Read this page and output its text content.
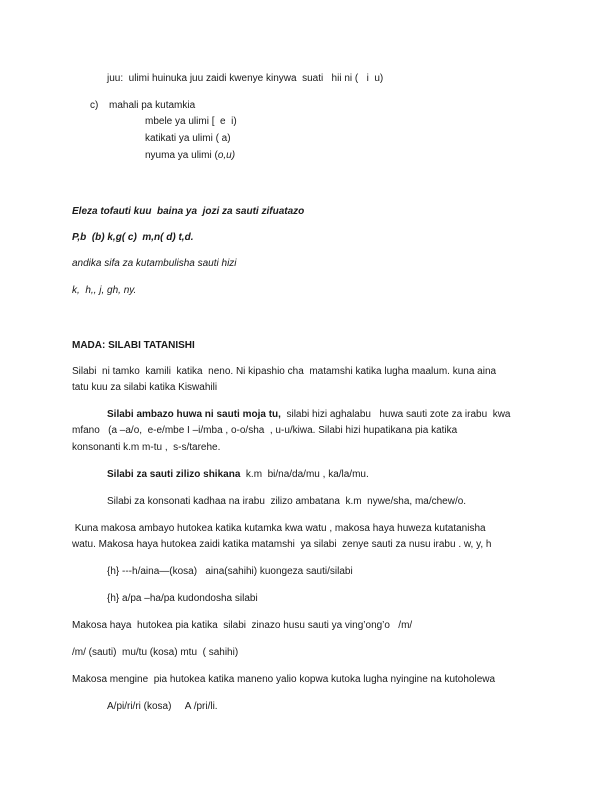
juu:  ulimi huinuka juu zaidi kwenye kinywa  suati   hii ni (   i  u)
c) mahali pa kutamkia
mbele ya ulimi [  e  i)
katikati ya ulimi ( a)
nyuma ya ulimi (o,u)
Eleza tofauti kuu  baina ya  jozi za sauti zifuatazo
P,b  (b) k,g( c)  m,n( d) t,d.
andika sifa za kutambulisha sauti hizi
k,  h,, j, gh, ny.
MADA: SILABI TATANISHI
Silabi  ni tamko  kamili  katika  neno. Ni kipashio cha  matamshi katika lugha maalum. kuna aina
tatu kuu za silabi katika Kiswahili
Silabi ambazo huwa ni sauti moja tu,  silabi hizi aghalabu   huwa sauti zote za irabu  kwa
mfano   (a –a/o,  e-e/mbe I –i/mba , o-o/sha  , u-u/kiwa. Silabi hizi hupatikana pia katika
konsonanti k.m m-tu ,  s-s/tarehe.
Silabi za sauti zilizo shikana  k.m  bi/na/da/mu , ka/la/mu.
Silabi za konsonati kadhaa na irabu  zilizo ambatana  k.m  nywe/sha, ma/chew/o.
Kuna makosa ambayo hutokea katika kutamka kwa watu , makosa haya huweza kutatanisha
watu. Makosa haya hutokea zaidi katika matamshi  ya silabi  zenye sauti za nusu irabu . w, y, h
{h} ---h/aina—(kosa)   aina(sahihi) kuongeza sauti/silabi
{h} a/pa –ha/pa kudondosha silabi
Makosa haya  hutokea pia katika  silabi  zinazo husu sauti ya ving’ong’o   /m/
/m/ (sauti)  mu/tu (kosa) mtu  ( sahihi)
Makosa mengine  pia hutokea katika maneno yalio kopwa kutoka lugha nyingine na kutoholewa
A/pi/ri/ri (kosa)     A /pri/li.
